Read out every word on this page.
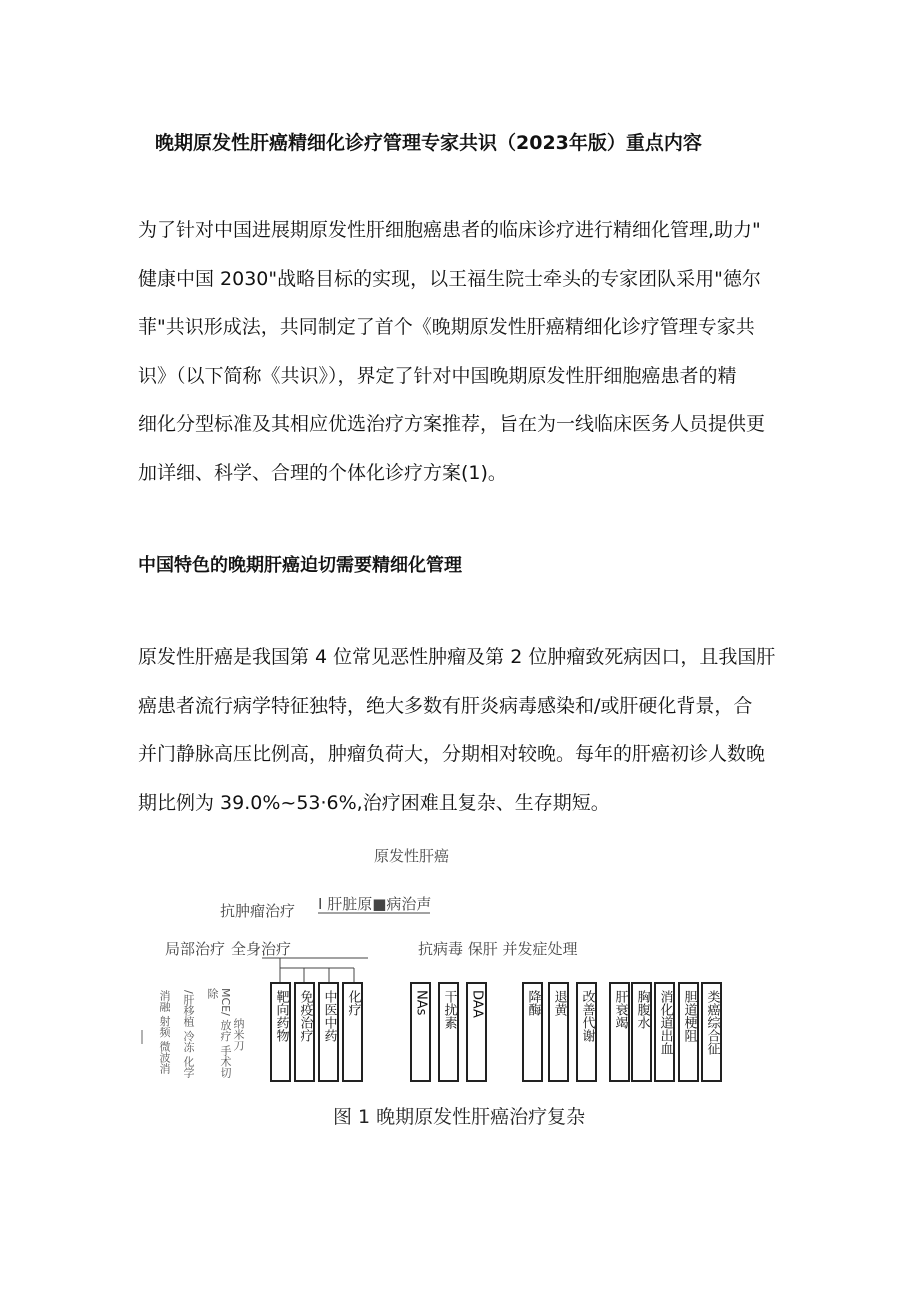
晚期原发性肝癌精细化诊疗管理专家共识（2023年版）重点内容

为了针对中国进展期原发性肝细胞癌患者的临床诊疗进行精细化管理,助力"
健康中国 2030"战略目标的实现，以王福生院士牵头的专家团队采用"德尔
菲"共识形成法，共同制定了首个《晚期原发性肝癌精细化诊疗管理专家共
识》（以下简称《共识》），界定了针对中国晚期原发性肝细胞癌患者的精
细化分型标准及其相应优选治疗方案推荐，旨在为一线临床医务人员提供更
加详细、科学、合理的个体化诊疗方案(1)。

中国特色的晚期肝癌迫切需要精细化管理

原发性肝癌是我国第 4 位常见恶性肿瘤及第 2 位肿瘤致死病因口，且我国肝
癌患者流行病学特征独特，绝大多数有肝炎病毒感染和/或肝硬化背景，合
并门静脉高压比例高，肿瘤负荷大，分期相对较晚。每年的肝癌初诊人数晚
期比例为 39.0%~53·6%,治疗困难且复杂、生存期短。

原发性肝癌
抗肿瘤治疗 I 肝脏原■病治声
局部治疗 全身治疗	抗病毒 保肝 并发症处理
消融 射频 微波消 /肝移植 冷冻 化学	MCE/ 放疗 手术切除
纳米刀 靶向药物 免疫治疗 中医中药 化疗	NAs 干扰素 DAA	降酶 退黄 改善代谢 肝衰竭 胸腹水 消化道出血 胆道梗阻 类癌综合征
图 1 晚期原发性肝癌治疗复杂
